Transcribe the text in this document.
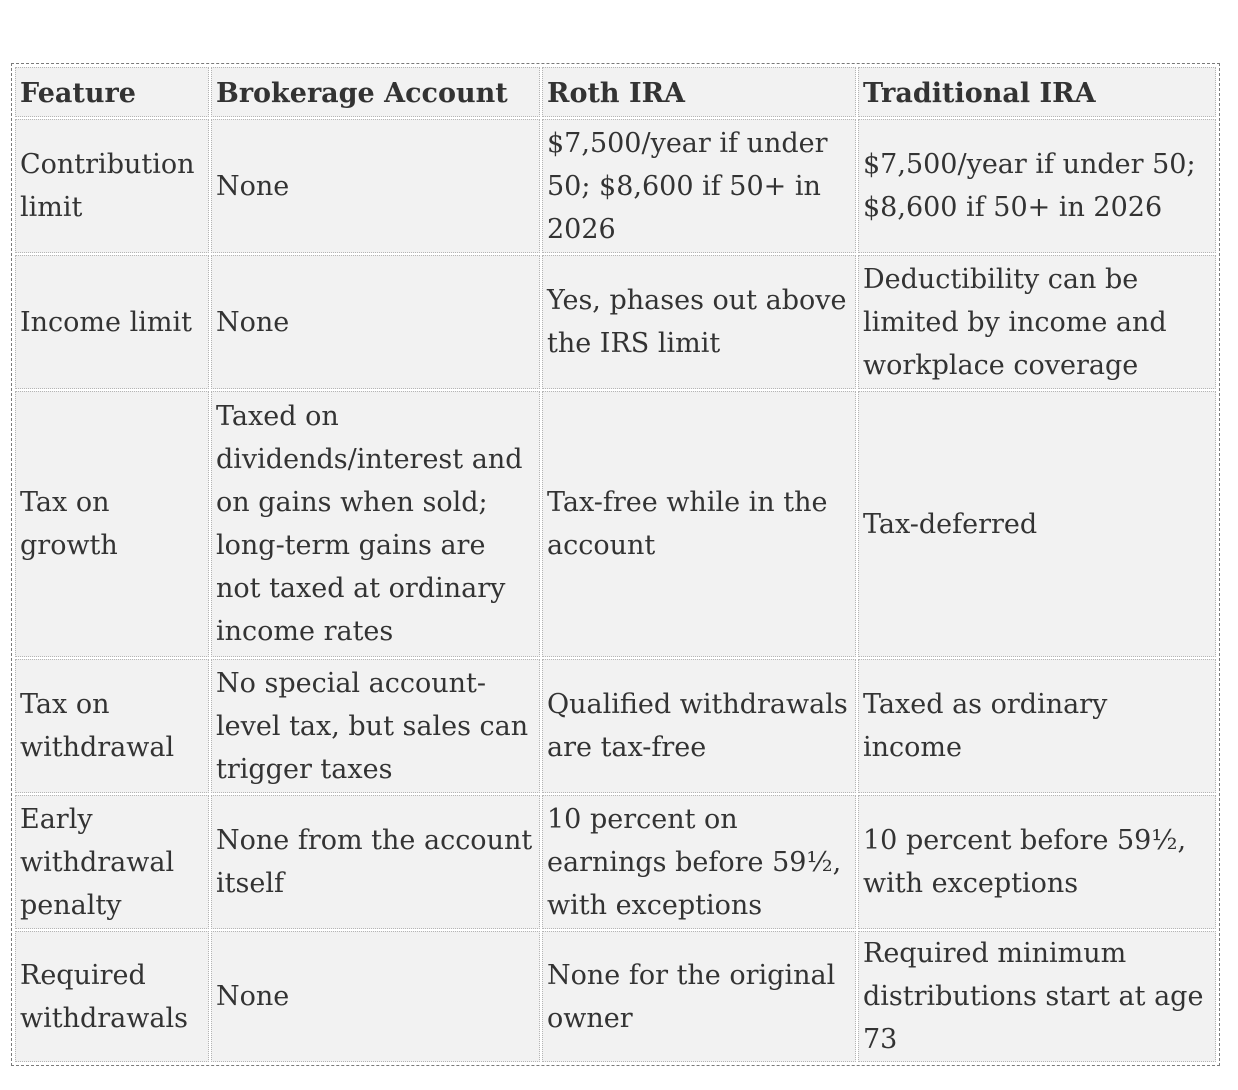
Feature	Brokerage Account	Roth IRA	Traditional IRA
Contribution limit	None	$7,500/year if under 50; $8,600 if 50+ in 2026	$7,500/year if under 50; $8,600 if 50+ in 2026
Income limit	None	Yes, phases out above the IRS limit	Deductibility can be limited by income and workplace coverage
Tax on growth	Taxed on dividends/interest and on gains when sold; long-term gains are not taxed at ordinary income rates	Tax-free while in the account	Tax-deferred
Tax on withdrawal	No special account-level tax, but sales can trigger taxes	Qualified withdrawals are tax-free	Taxed as ordinary income
Early withdrawal penalty	None from the account itself	10 percent on earnings before 59½, with exceptions	10 percent before 59½, with exceptions
Required withdrawals	None	None for the original owner	Required minimum distributions start at age 73
